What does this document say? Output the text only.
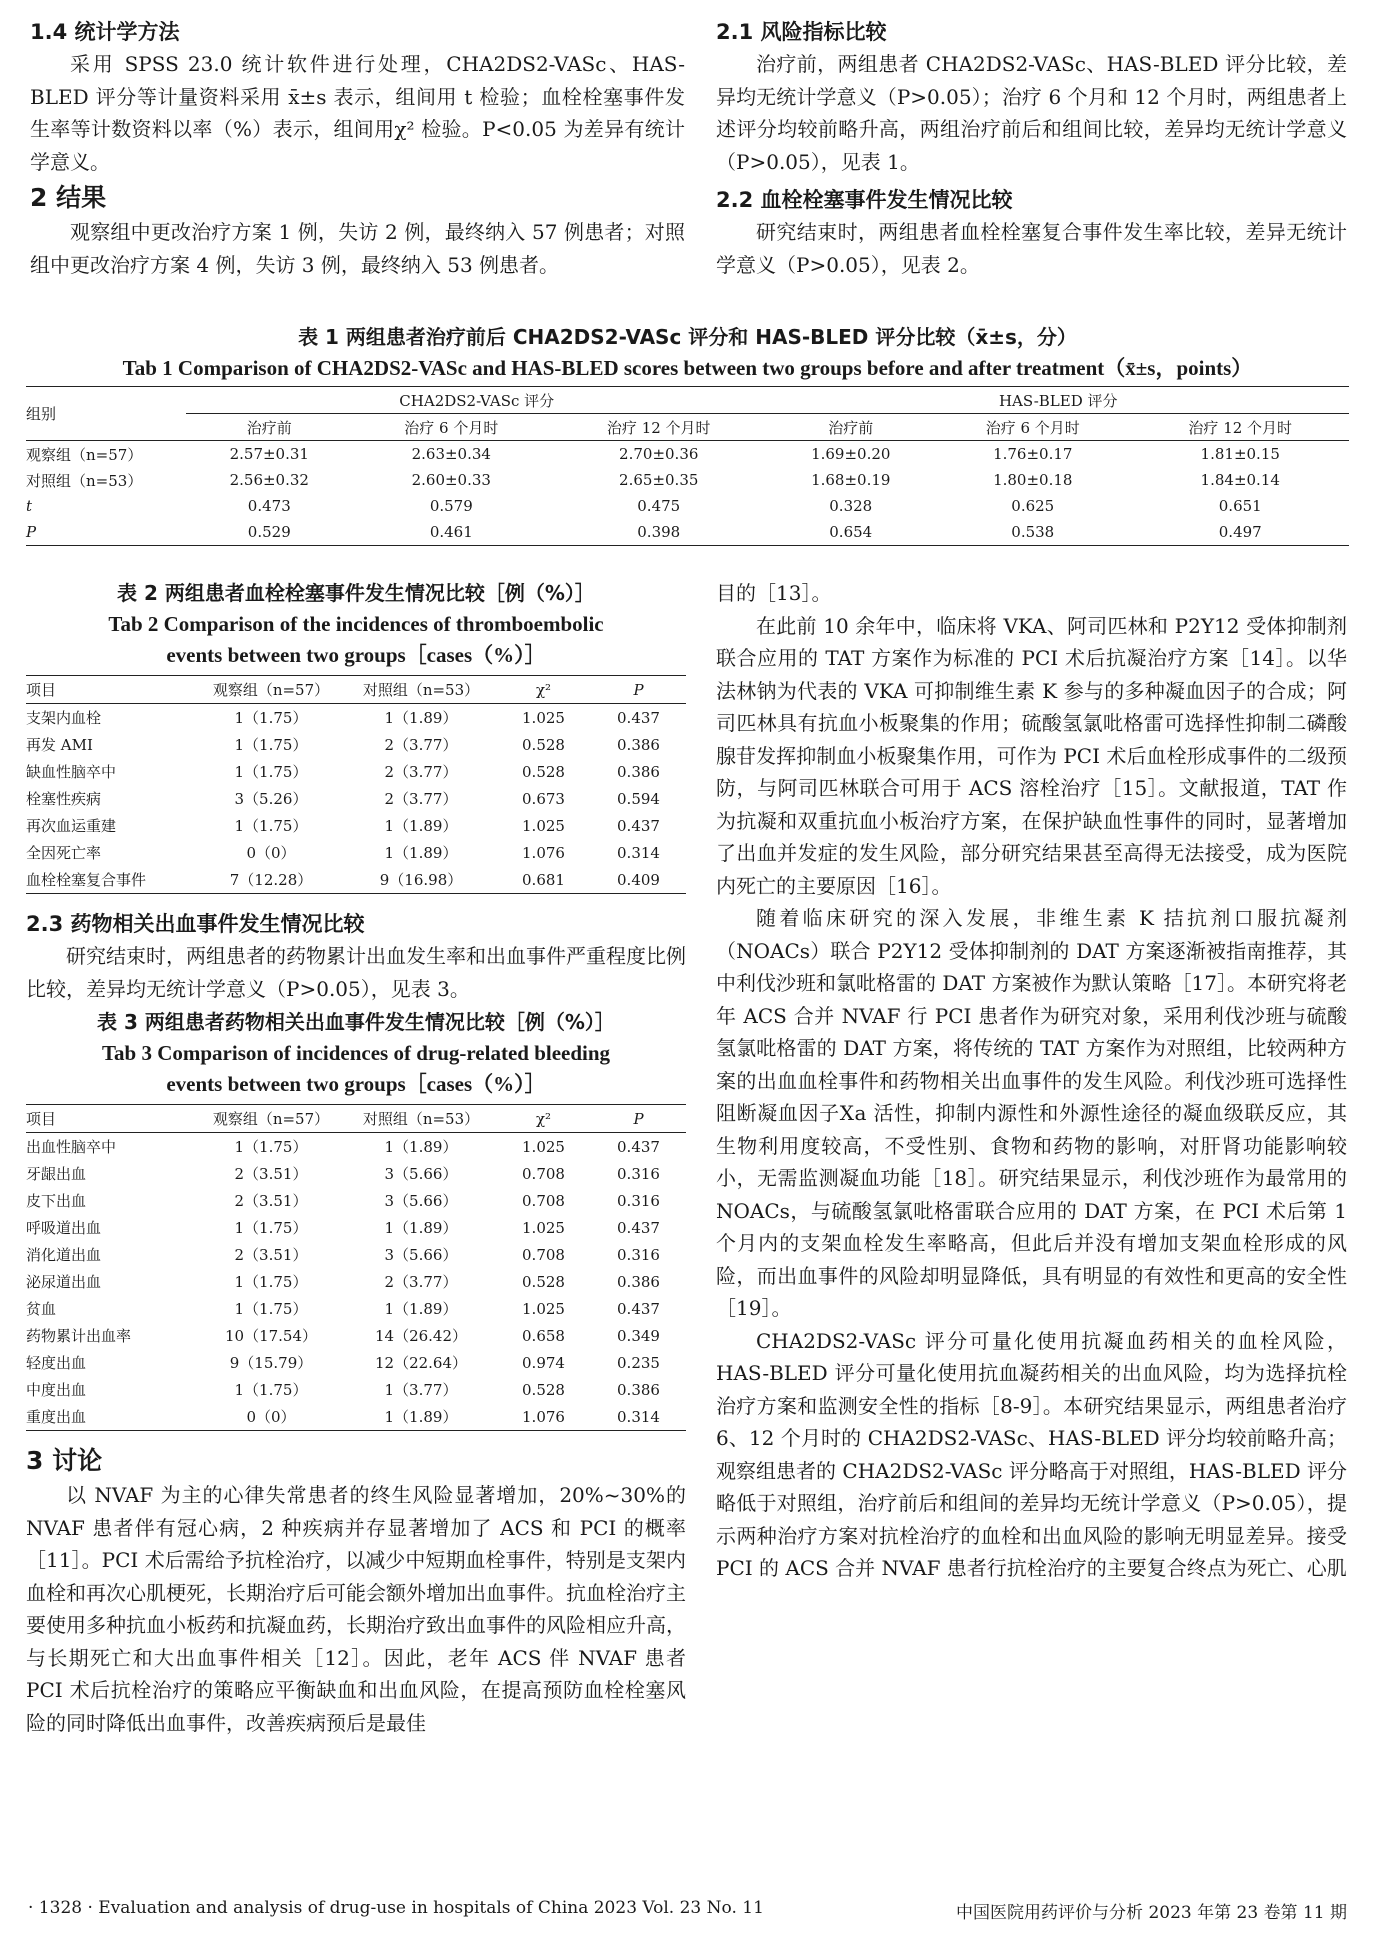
1.4 统计学方法

采用 SPSS 23.0 统计软件进行处理，CHA2DS2-VASc、HAS-BLED 评分等计量资料采用 x̄±s 表示，组间用 t 检验；血栓栓塞事件发生率等计数资料以率（%）表示，组间用χ² 检验。P<0.05 为差异有统计学意义。

2 结果

观察组中更改治疗方案 1 例，失访 2 例，最终纳入 57 例患者；对照组中更改治疗方案 4 例，失访 3 例，最终纳入 53 例患者。

2.1 风险指标比较

治疗前，两组患者 CHA2DS2-VASc、HAS-BLED 评分比较，差异均无统计学意义（P>0.05）；治疗 6 个月和 12 个月时，两组患者上述评分均较前略升高，两组治疗前后和组间比较，差异均无统计学意义（P>0.05），见表 1。

2.2 血栓栓塞事件发生情况比较

研究结束时，两组患者血栓栓塞复合事件发生率比较，差异无统计学意义（P>0.05），见表 2。

表 1 两组患者治疗前后 CHA2DS2-VASc 评分和 HAS-BLED 评分比较（x̄±s，分）

Tab 1 Comparison of CHA2DS2-VASc and HAS-BLED scores between two groups before and after treatment（x̄±s，points）

组别	CHA2DS2-VASc 评分			HAS-BLED 评分		
	治疗前	治疗 6 个月时	治疗 12 个月时	治疗前	治疗 6 个月时	治疗 12 个月时
观察组（n=57）	2.57±0.31	2.63±0.34	2.70±0.36	1.69±0.20	1.76±0.17	1.81±0.15
对照组（n=53）	2.56±0.32	2.60±0.33	2.65±0.35	1.68±0.19	1.80±0.18	1.84±0.14
t	0.473	0.579	0.475	0.328	0.625	0.651
P	0.529	0.461	0.398	0.654	0.538	0.497

表 2 两组患者血栓栓塞事件发生情况比较［例（%）］

Tab 2 Comparison of the incidences of thromboembolic

events between two groups［cases（%）］

项目	观察组（n=57）	对照组（n=53）	χ²	P
支架内血栓	1（1.75）	1（1.89）	1.025	0.437
再发 AMI	1（1.75）	2（3.77）	0.528	0.386
缺血性脑卒中	1（1.75）	2（3.77）	0.528	0.386
栓塞性疾病	3（5.26）	2（3.77）	0.673	0.594
再次血运重建	1（1.75）	1（1.89）	1.025	0.437
全因死亡率	0（0）	1（1.89）	1.076	0.314
血栓栓塞复合事件	7（12.28）	9（16.98）	0.681	0.409
2.3 药物相关出血事件发生情况比较

研究结束时，两组患者的药物累计出血发生率和出血事件严重程度比例比较，差异均无统计学意义（P>0.05），见表 3。

表 3 两组患者药物相关出血事件发生情况比较［例（%）］

Tab 3 Comparison of incidences of drug-related bleeding

events between two groups［cases（%）］

项目	观察组（n=57）	对照组（n=53）	χ²	P
出血性脑卒中	1（1.75）	1（1.89）	1.025	0.437
牙龈出血	2（3.51）	3（5.66）	0.708	0.316
皮下出血	2（3.51）	3（5.66）	0.708	0.316
呼吸道出血	1（1.75）	1（1.89）	1.025	0.437
消化道出血	2（3.51）	3（5.66）	0.708	0.316
泌尿道出血	1（1.75）	2（3.77）	0.528	0.386
贫血	1（1.75）	1（1.89）	1.025	0.437
药物累计出血率	10（17.54）	14（26.42）	0.658	0.349
轻度出血	9（15.79）	12（22.64）	0.974	0.235
中度出血	1（1.75）	1（3.77）	0.528	0.386
重度出血	0（0）	1（1.89）	1.076	0.314
3 讨论

以 NVAF 为主的心律失常患者的终生风险显著增加，20%~30%的 NVAF 患者伴有冠心病，2 种疾病并存显著增加了 ACS 和 PCI 的概率［11］。PCI 术后需给予抗栓治疗，以减少中短期血栓事件，特别是支架内血栓和再次心肌梗死，长期治疗后可能会额外增加出血事件。抗血栓治疗主要使用多种抗血小板药和抗凝血药，长期治疗致出血事件的风险相应升高，与长期死亡和大出血事件相关［12］。因此，老年 ACS 伴 NVAF 患者 PCI 术后抗栓治疗的策略应平衡缺血和出血风险，在提高预防血栓栓塞风险的同时降低出血事件，改善疾病预后是最佳

目的［13］。

在此前 10 余年中，临床将 VKA、阿司匹林和 P2Y12 受体抑制剂联合应用的 TAT 方案作为标准的 PCI 术后抗凝治疗方案［14］。以华法林钠为代表的 VKA 可抑制维生素 K 参与的多种凝血因子的合成；阿司匹林具有抗血小板聚集的作用；硫酸氢氯吡格雷可选择性抑制二磷酸腺苷发挥抑制血小板聚集作用，可作为 PCI 术后血栓形成事件的二级预防，与阿司匹林联合可用于 ACS 溶栓治疗［15］。文献报道，TAT 作为抗凝和双重抗血小板治疗方案，在保护缺血性事件的同时，显著增加了出血并发症的发生风险，部分研究结果甚至高得无法接受，成为医院内死亡的主要原因［16］。

随着临床研究的深入发展，非维生素 K 拮抗剂口服抗凝剂（NOACs）联合 P2Y12 受体抑制剂的 DAT 方案逐渐被指南推荐，其中利伐沙班和氯吡格雷的 DAT 方案被作为默认策略［17］。本研究将老年 ACS 合并 NVAF 行 PCI 患者作为研究对象，采用利伐沙班与硫酸氢氯吡格雷的 DAT 方案，将传统的 TAT 方案作为对照组，比较两种方案的出血血栓事件和药物相关出血事件的发生风险。利伐沙班可选择性阻断凝血因子Ⅹa 活性，抑制内源性和外源性途径的凝血级联反应，其生物利用度较高，不受性别、食物和药物的影响，对肝肾功能影响较小，无需监测凝血功能［18］。研究结果显示，利伐沙班作为最常用的 NOACs，与硫酸氢氯吡格雷联合应用的 DAT 方案，在 PCI 术后第 1 个月内的支架血栓发生率略高，但此后并没有增加支架血栓形成的风险，而出血事件的风险却明显降低，具有明显的有效性和更高的安全性［19］。

CHA2DS2-VASc 评分可量化使用抗凝血药相关的血栓风险，HAS-BLED 评分可量化使用抗血凝药相关的出血风险，均为选择抗栓治疗方案和监测安全性的指标［8-9］。本研究结果显示，两组患者治疗 6、12 个月时的 CHA2DS2-VASc、HAS-BLED 评分均较前略升高；观察组患者的 CHA2DS2-VASc 评分略高于对照组，HAS-BLED 评分略低于对照组，治疗前后和组间的差异均无统计学意义（P>0.05），提示两种治疗方案对抗栓治疗的血栓和出血风险的影响无明显差异。接受 PCI 的 ACS 合并 NVAF 患者行抗栓治疗的主要复合终点为死亡、心肌

· 1328 · Evaluation and analysis of drug-use in hospitals of China 2023 Vol. 23 No. 11	中国医院用药评价与分析 2023 年第 23 卷第 11 期
